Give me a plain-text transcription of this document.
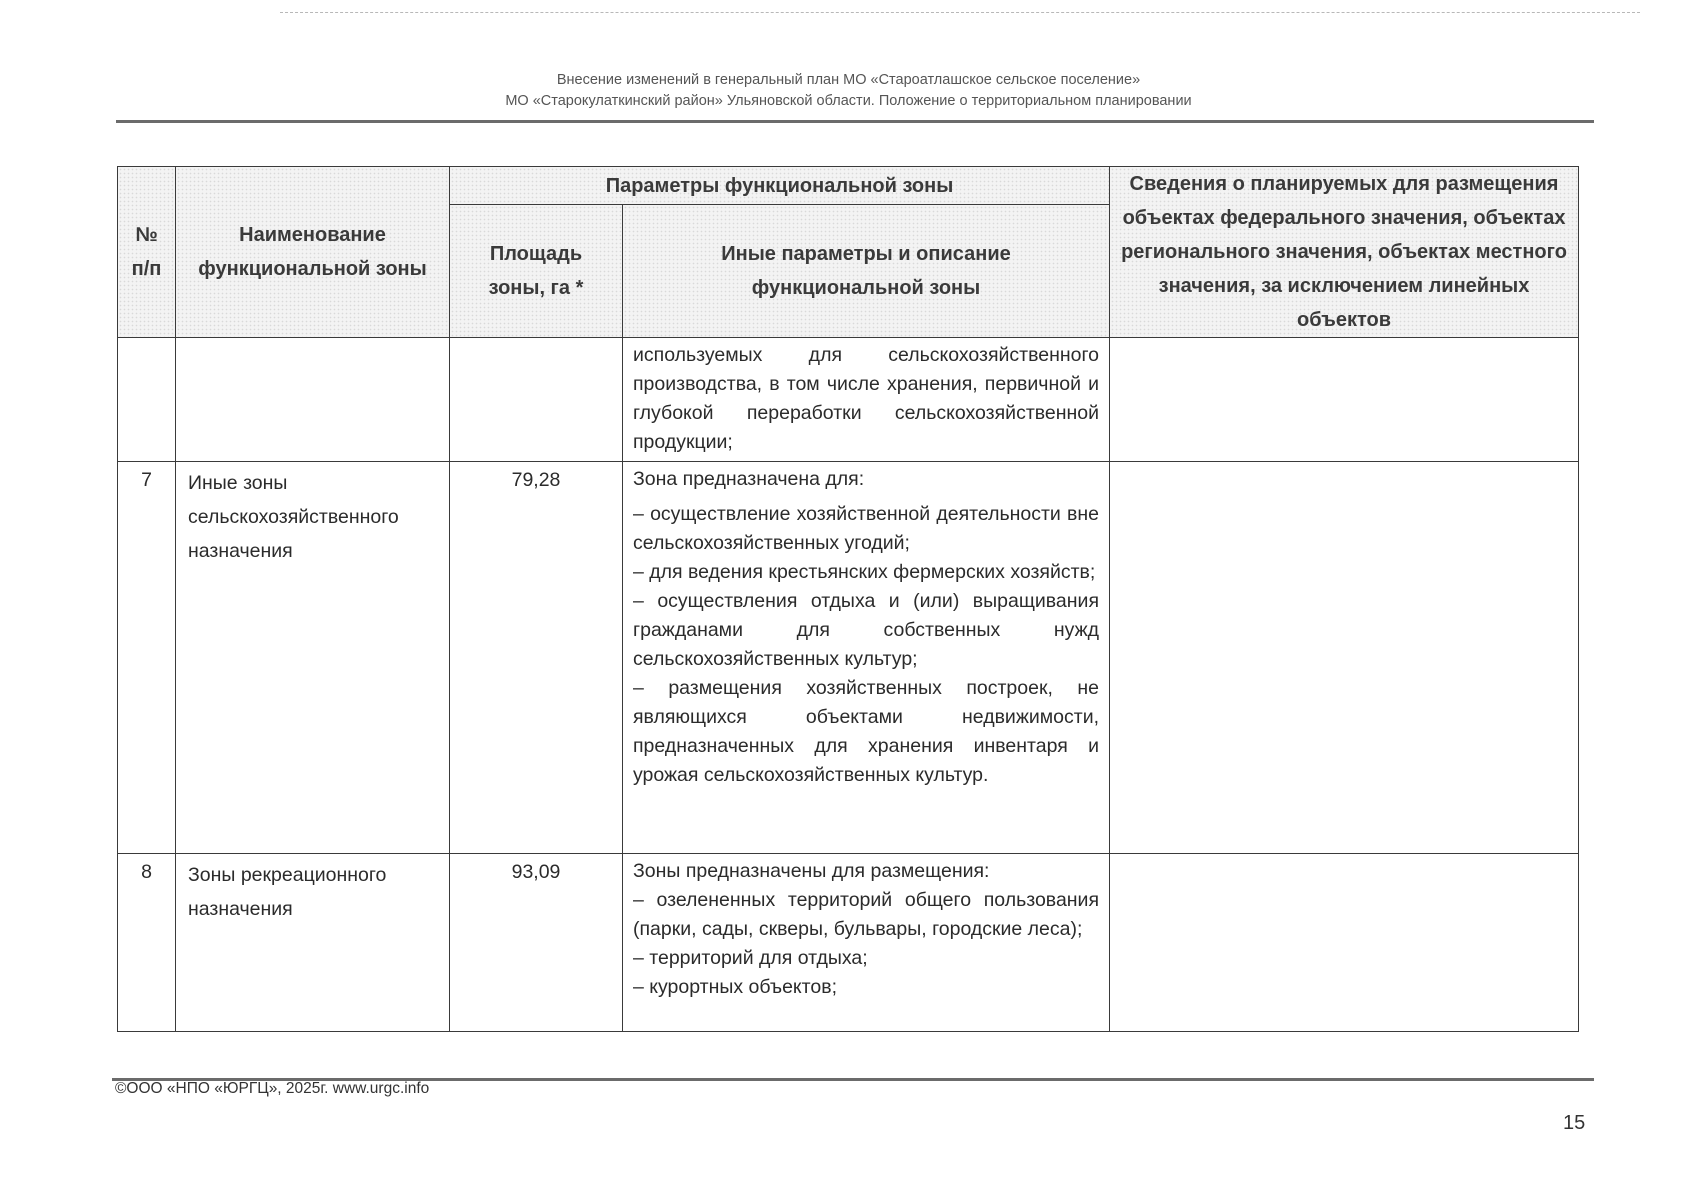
Внесение изменений в генеральный план МО «Староатлашское сельское поселение»
МО «Старокулаткинский район» Ульяновской области. Положение о территориальном планировании
№ п/п	Наименование функциональной зоны	Параметры функциональной зоны		Сведения о планируемых для размещения объектах федерального значения, объектах регионального значения, объектах местного значения, за исключением линейных объектов
		Площадь зоны, га *	Иные параметры и описание функциональной зоны	

			используемых для сельскохозяйственного производства, в том числе хранения, первичной и глубокой переработки сельскохозяйственной продукции;	

7	Иные зоны сельскохозяйственного назначения	79,28	Зона предназначена для:
– осуществление хозяйственной деятельности вне сельскохозяйственных угодий;
– для ведения крестьянских фермерских хозяйств;
– осуществления отдыха и (или) выращивания гражданами для собственных нужд сельскохозяйственных культур;
– размещения хозяйственных построек, не являющихся объектами недвижимости, предназначенных для хранения инвентаря и урожая сельскохозяйственных культур.	

8	Зоны рекреационного назначения	93,09	Зоны предназначены для размещения:
– озелененных территорий общего пользования (парки, сады, скверы, бульвары, городские леса);
– территорий для отдыха;
– курортных объектов;	

©ООО «НПО «ЮРГЦ», 2025г. www.urgc.info
15
